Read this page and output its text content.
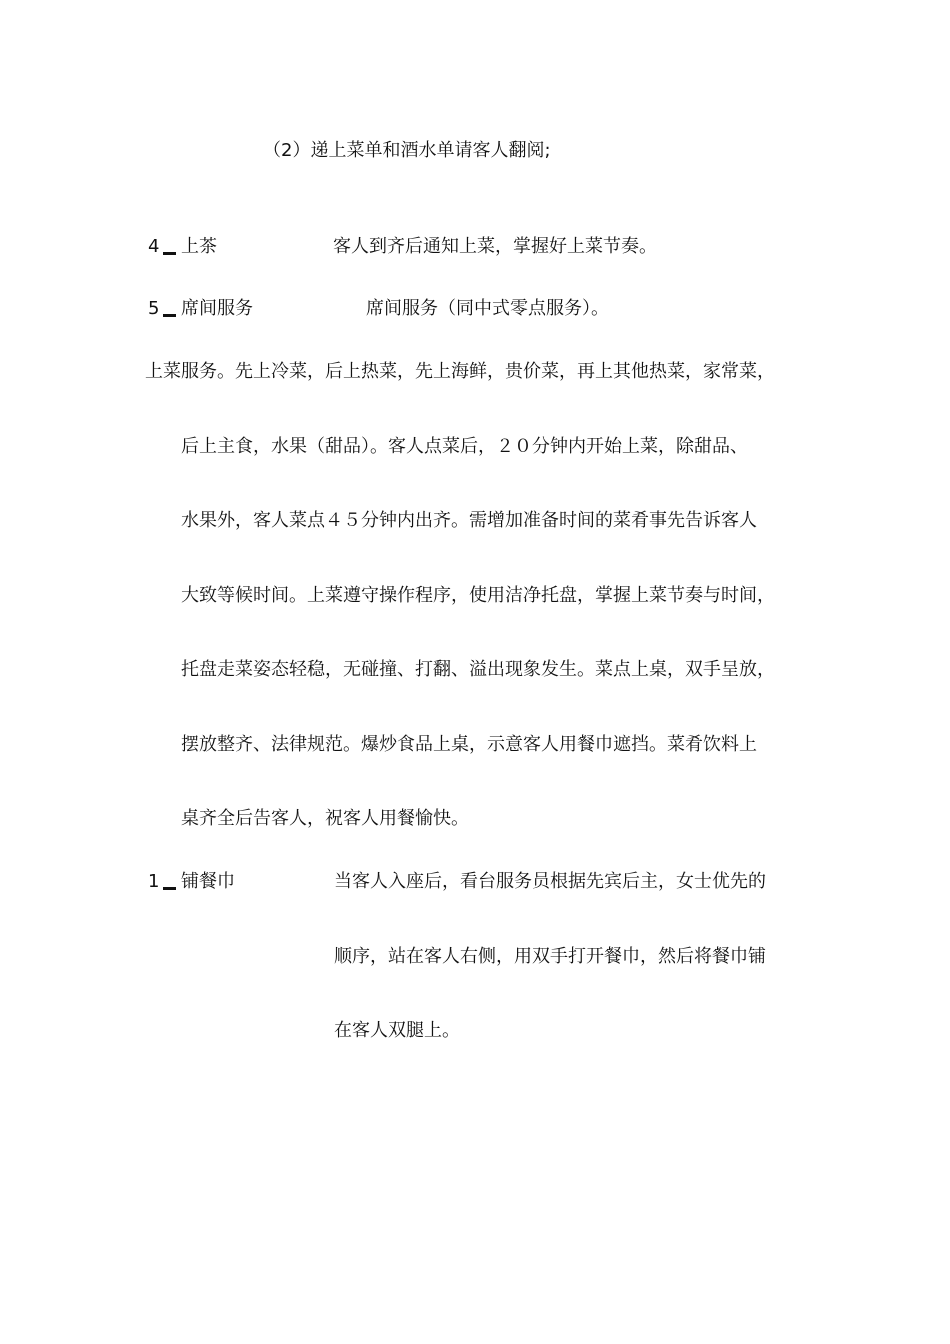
（2）递上菜单和酒水单请客人翻阅;
4 上茶	客人到齐后通知上菜，掌握好上菜节奏。
5 席间服务	席间服务（同中式零点服务）。
上菜服务。先上冷菜，后上热菜，先上海鲜，贵价菜，再上其他热菜，家常菜，
后上主食，水果（甜品）。客人点菜后，２０分钟内开始上菜，除甜品、
水果外，客人菜点４５分钟内出齐。需增加准备时间的菜肴事先告诉客人
大致等候时间。上菜遵守操作程序，使用洁净托盘，掌握上菜节奏与时间，
托盘走菜姿态轻稳，无碰撞、打翻、溢出现象发生。菜点上桌，双手呈放，
摆放整齐、法律规范。爆炒食品上桌，示意客人用餐巾遮挡。菜肴饮料上
桌齐全后告客人，祝客人用餐愉快。
1 铺餐巾	当客人入座后，看台服务员根据先宾后主，女士优先的
顺序，站在客人右侧，用双手打开餐巾，然后将餐巾铺
在客人双腿上。
